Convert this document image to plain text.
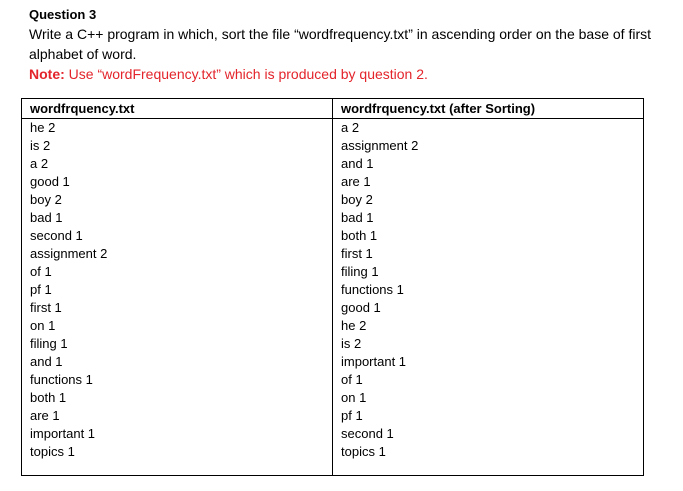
Question 3

Write a C++ program in which, sort the file “wordfrequency.txt” in ascending order on the base of first alphabet of word.

Note: Use “wordFrequency.txt” which is produced by question 2.

wordfrquency.txt
he 2
is 2
a 2
good 1
boy 2
bad 1
second 1
assignment 2
of 1
pf 1
first 1
on 1
filing 1
and 1
functions 1
both 1
are 1
important 1
topics 1
wordfrquency.txt (after Sorting)
a 2
assignment 2
and 1
are 1
boy 2
bad 1
both 1
first 1
filing 1
functions 1
good 1
he 2
is 2
important 1
of 1
on 1
pf 1
second 1
topics 1
